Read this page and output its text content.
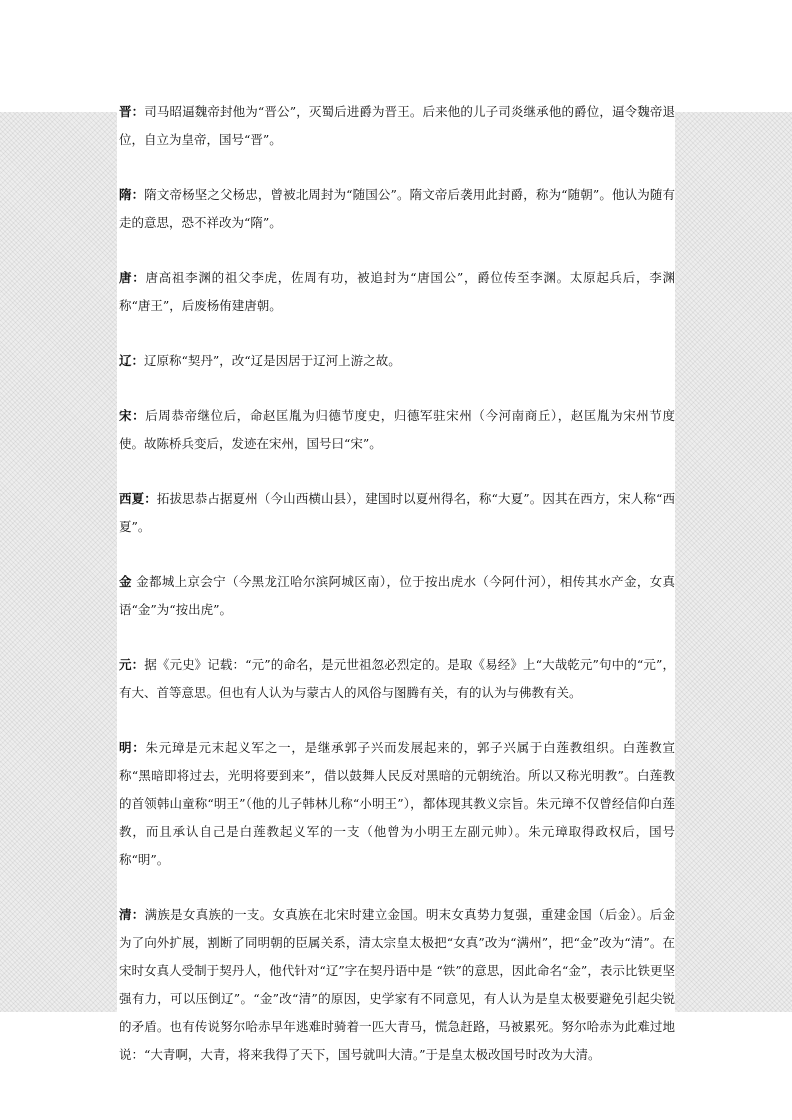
晋：司马昭逼魏帝封他为“晋公”，灭蜀后进爵为晋王。后来他的儿子司炎继承他的爵位，逼令魏帝退位，自立为皇帝，国号“晋”。

隋：隋文帝杨坚之父杨忠，曾被北周封为“随国公”。隋文帝后袭用此封爵，称为“随朝”。他认为随有走的意思，恐不祥改为“隋”。

唐：唐高祖李渊的祖父李虎，佐周有功，被追封为“唐国公”，爵位传至李渊。太原起兵后，李渊称“唐王”，后废杨侑建唐朝。

辽：辽原称“契丹”，改“辽是因居于辽河上游之故。

宋：后周恭帝继位后，命赵匡胤为归德节度史，归德军驻宋州（今河南商丘），赵匡胤为宋州节度使。故陈桥兵变后，发迹在宋州，国号曰“宋”。

西夏：拓拔思恭占据夏州（今山西横山县），建国时以夏州得名，称“大夏”。因其在西方，宋人称“西夏”。

金 金都城上京会宁（今黑龙江哈尔滨阿城区南），位于按出虎水（今阿什河），相传其水产金，女真语“金”为“按出虎”。

元：据《元史》记载：“元”的命名，是元世祖忽必烈定的。是取《易经》上“大哉乾元”句中的“元”，有大、首等意思。但也有人认为与蒙古人的风俗与图腾有关，有的认为与佛教有关。

明：朱元璋是元末起义军之一，是继承郭子兴而发展起来的，郭子兴属于白莲教组织。白莲教宣称“黑暗即将过去，光明将要到来”，借以鼓舞人民反对黑暗的元朝统治。所以又称光明教”。白莲教的首领韩山童称“明王”（他的儿子韩林儿称“小明王”），都体现其教义宗旨。朱元璋不仅曾经信仰白莲教，而且承认自己是白莲教起义军的一支（他曾为小明王左副元帅）。朱元璋取得政权后，国号称“明”。

清：满族是女真族的一支。女真族在北宋时建立金国。明末女真势力复强，重建金国（后金）。后金为了向外扩展，割断了同明朝的臣属关系，清太宗皇太极把“女真”改为“满州”，把“金”改为“清”。在宋时女真人受制于契丹人，他代针对“辽”字在契丹语中是 “铁”的意思，因此命名“金”，表示比铁更坚强有力，可以压倒辽”。“金”改“清”的原因，史学家有不同意见，有人认为是皇太极要避免引起尖锐的矛盾。也有传说努尔哈赤早年逃难时骑着一匹大青马，慌急赶路，马被累死。努尔哈赤为此难过地说：“大青啊，大青，将来我得了天下，国号就叫大清。”于是皇太极改国号时改为大清。
